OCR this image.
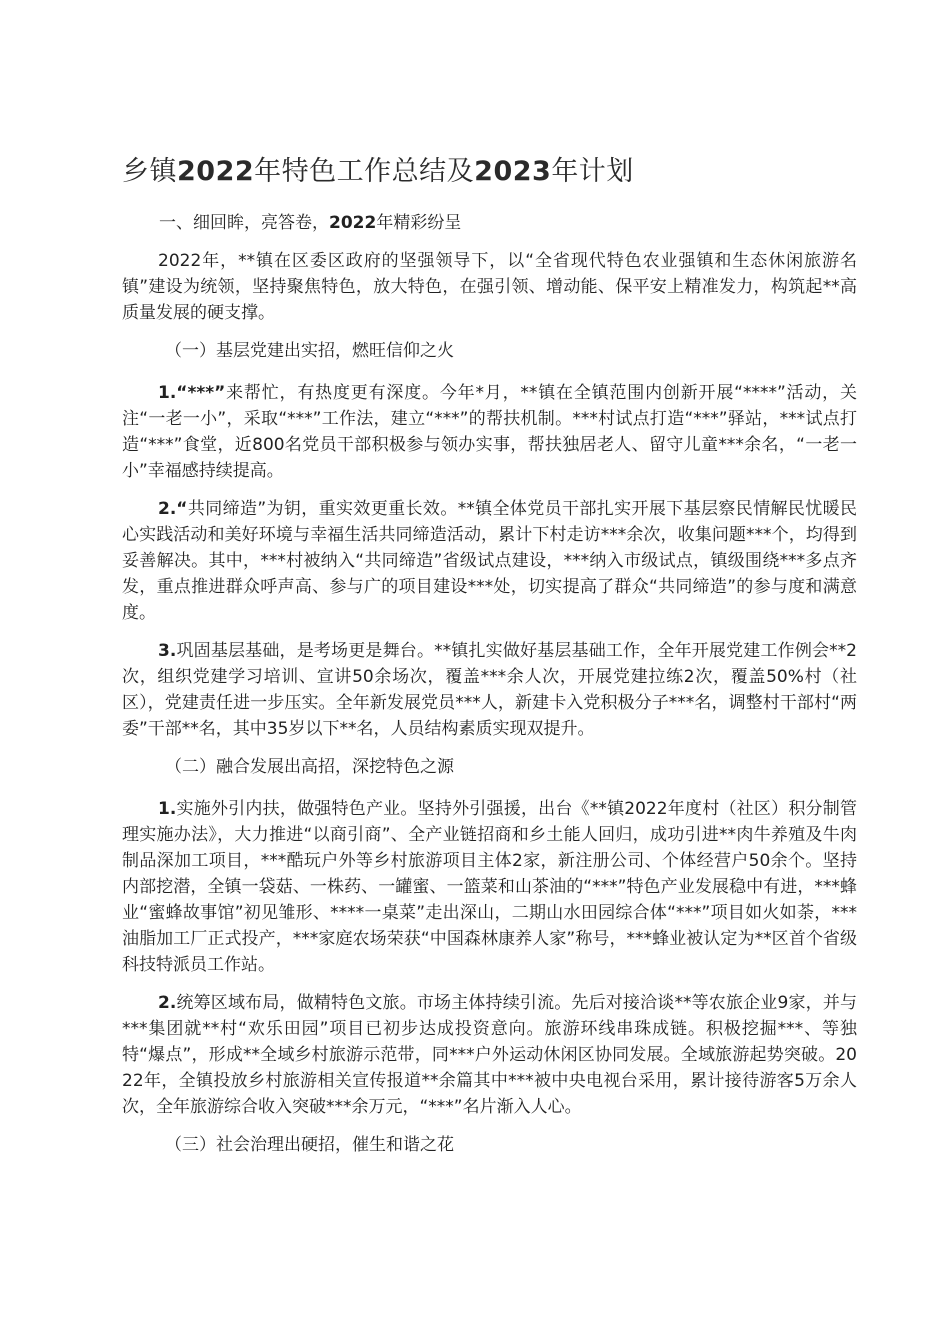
乡镇2022年特色工作总结及2023年计划

一、细回眸，亮答卷，2022年精彩纷呈

2022年，**镇在区委区政府的坚强领导下，以“全省现代特色农业强镇和生态休闲旅游名镇”建设为统领，坚持聚焦特色，放大特色，在强引领、增动能、保平安上精准发力，构筑起**高质量发展的硬支撑。

（一）基层党建出实招，燃旺信仰之火

1.“***”来帮忙，有热度更有深度。今年*月，**镇在全镇范围内创新开展“****”活动，关注“一老一小”，采取“***”工作法，建立“***”的帮扶机制。***村试点打造“***”驿站，***试点打造“***”食堂，近800名党员干部积极参与领办实事，帮扶独居老人、留守儿童***余名，“一老一小”幸福感持续提高。

2.“共同缔造”为钥，重实效更重长效。**镇全体党员干部扎实开展下基层察民情解民忧暖民心实践活动和美好环境与幸福生活共同缔造活动，累计下村走访***余次，收集问题***个，均得到妥善解决。其中，***村被纳入“共同缔造”省级试点建设，***纳入市级试点，镇级围绕***多点齐发，重点推进群众呼声高、参与广的项目建设***处，切实提高了群众“共同缔造”的参与度和满意度。

3.巩固基层基础，是考场更是舞台。**镇扎实做好基层基础工作，全年开展党建工作例会**2次，组织党建学习培训、宣讲50余场次，覆盖***余人次，开展党建拉练2次，覆盖50%村（社区），党建责任进一步压实。全年新发展党员***人，新建卡入党积极分子***名，调整村干部村“两委”干部**名，其中35岁以下**名，人员结构素质实现双提升。

（二）融合发展出高招，深挖特色之源

1.实施外引内扶，做强特色产业。坚持外引强援，出台《**镇2022年度村（社区）积分制管理实施办法》，大力推进“以商引商”、全产业链招商和乡土能人回归，成功引进**肉牛养殖及牛肉制品深加工项目，***酷玩户外等乡村旅游项目主体2家，新注册公司、个体经营户50余个。坚持内部挖潜，全镇一袋菇、一株药、一罐蜜、一篮菜和山茶油的“***”特色产业发展稳中有进，***蜂业“蜜蜂故事馆”初见雏形、****一桌菜”走出深山，二期山水田园综合体“***”项目如火如荼，***油脂加工厂正式投产，***家庭农场荣获“中国森林康养人家”称号，***蜂业被认定为**区首个省级科技特派员工作站。

2.统筹区域布局，做精特色文旅。市场主体持续引流。先后对接洽谈**等农旅企业9家，并与***集团就**村“欢乐田园”项目已初步达成投资意向。旅游环线串珠成链。积极挖掘***、等独特“爆点”，形成**全域乡村旅游示范带，同***户外运动休闲区协同发展。全域旅游起势突破。2022年，全镇投放乡村旅游相关宣传报道**余篇其中***被中央电视台采用，累计接待游客5万余人次，全年旅游综合收入突破***余万元，“***”名片渐入人心。

（三）社会治理出硬招，催生和谐之花
